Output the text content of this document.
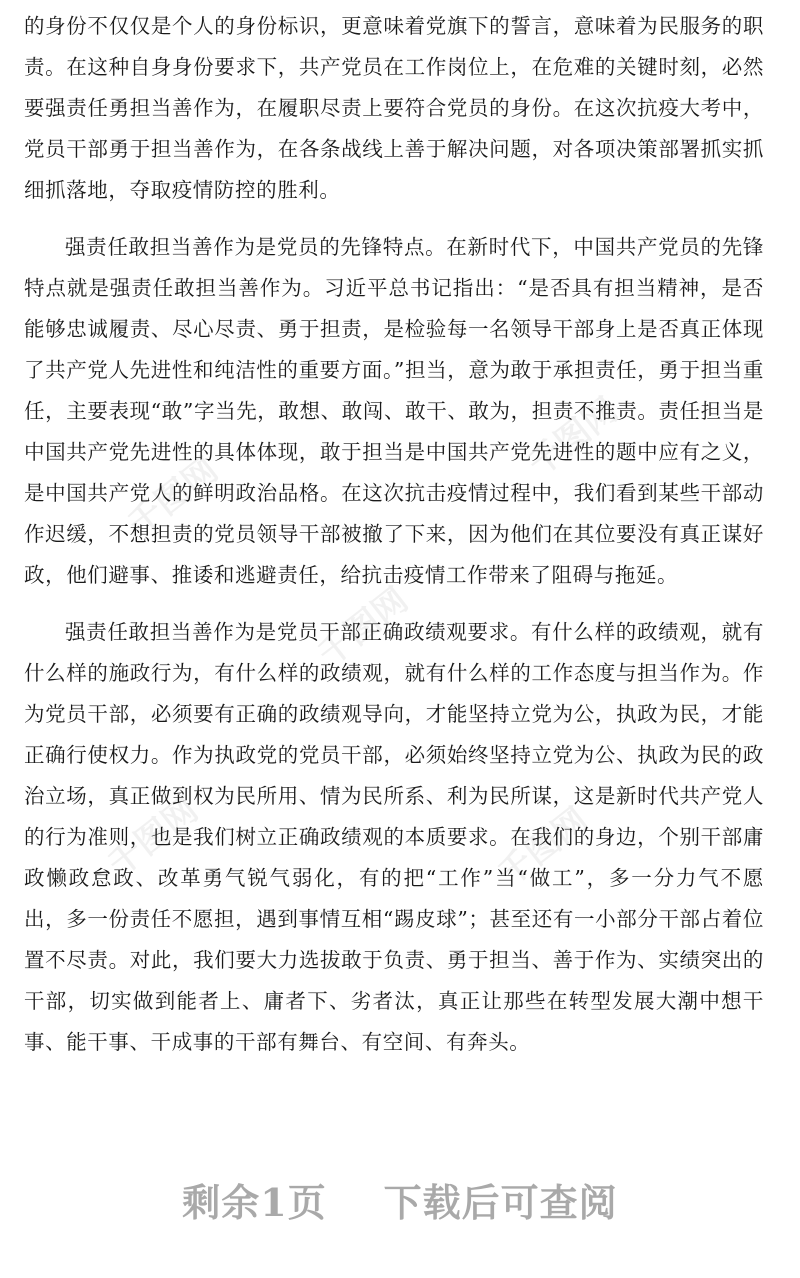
千图网
千图网
千图网
千图网	千图网

的身份不仅仅是个人的身份标识，更意味着党旗下的誓言，意味着为民服务的职责。在这种自身身份要求下，共产党员在工作岗位上，在危难的关键时刻，必然要强责任勇担当善作为，在履职尽责上要符合党员的身份。在这次抗疫大考中，党员干部勇于担当善作为，在各条战线上善于解决问题，对各项决策部署抓实抓细抓落地，夺取疫情防控的胜利。

强责任敢担当善作为是党员的先锋特点。在新时代下，中国共产党员的先锋特点就是强责任敢担当善作为。习近平总书记指出：“是否具有担当精神，是否能够忠诚履责、尽心尽责、勇于担责，是检验每一名领导干部身上是否真正体现了共产党人先进性和纯洁性的重要方面。”担当，意为敢于承担责任，勇于担当重任，主要表现“敢”字当先，敢想、敢闯、敢干、敢为，担责不推责。责任担当是中国共产党先进性的具体体现，敢于担当是中国共产党先进性的题中应有之义，是中国共产党人的鲜明政治品格。在这次抗击疫情过程中，我们看到某些干部动作迟缓，不想担责的党员领导干部被撤了下来，因为他们在其位要没有真正谋好政，他们避事、推诿和逃避责任，给抗击疫情工作带来了阻碍与拖延。

强责任敢担当善作为是党员干部正确政绩观要求。有什么样的政绩观，就有什么样的施政行为，有什么样的政绩观，就有什么样的工作态度与担当作为。作为党员干部，必须要有正确的政绩观导向，才能坚持立党为公，执政为民，才能正确行使权力。作为执政党的党员干部，必须始终坚持立党为公、执政为民的政治立场，真正做到权为民所用、情为民所系、利为民所谋，这是新时代共产党人的行为准则，也是我们树立正确政绩观的本质要求。在我们的身边，个别干部庸政懒政怠政、改革勇气锐气弱化，有的把“工作”当“做工”，多一分力气不愿出，多一份责任不愿担，遇到事情互相“踢皮球”；甚至还有一小部分干部占着位置不尽责。对此，我们要大力选拔敢于负责、勇于担当、善于作为、实绩突出的干部，切实做到能者上、庸者下、劣者汰，真正让那些在转型发展大潮中想干事、能干事、干成事的干部有舞台、有空间、有奔头。

剩余1页 下载后可查阅
